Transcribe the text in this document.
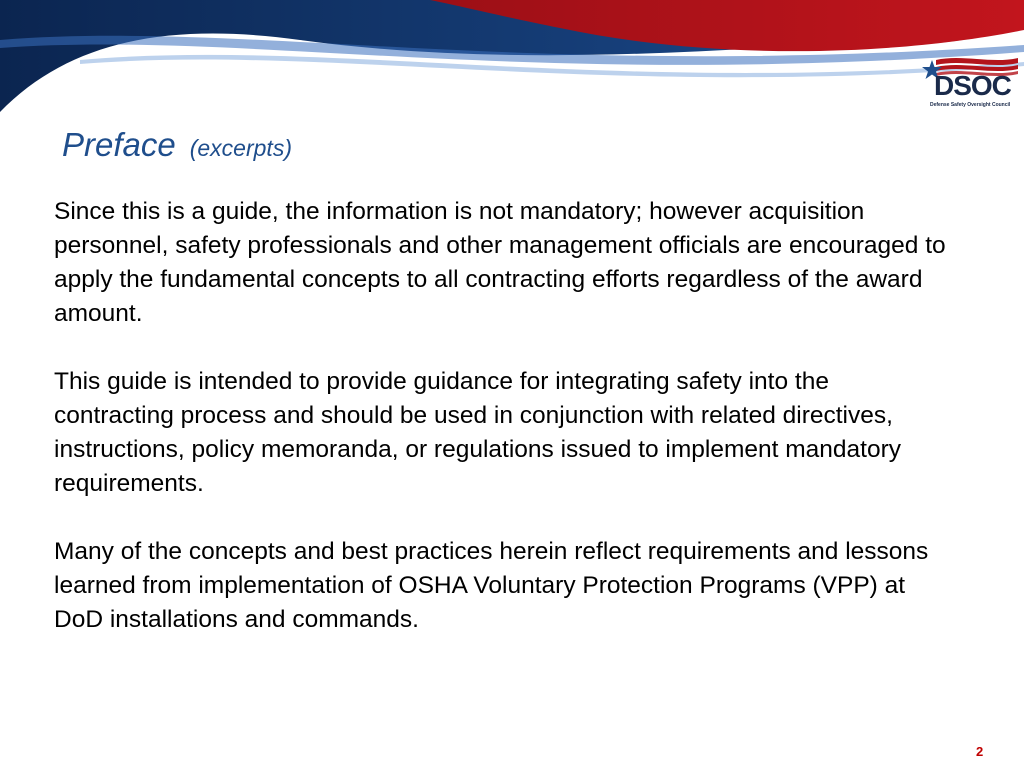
DSOC
Defense Safety Oversight Council
Preface (excerpts)

Since this is a guide, the information is not mandatory; however acquisition personnel, safety professionals and other management officials are encouraged to apply the fundamental concepts to all contracting efforts regardless of the award amount.

This guide is intended to provide guidance for integrating safety into the contracting process and should be used in conjunction with related directives, instructions, policy memoranda, or regulations issued to implement mandatory requirements.

Many of the concepts and best practices herein reflect requirements and lessons learned from implementation of OSHA Voluntary Protection Programs (VPP) at DoD installations and commands.

2
